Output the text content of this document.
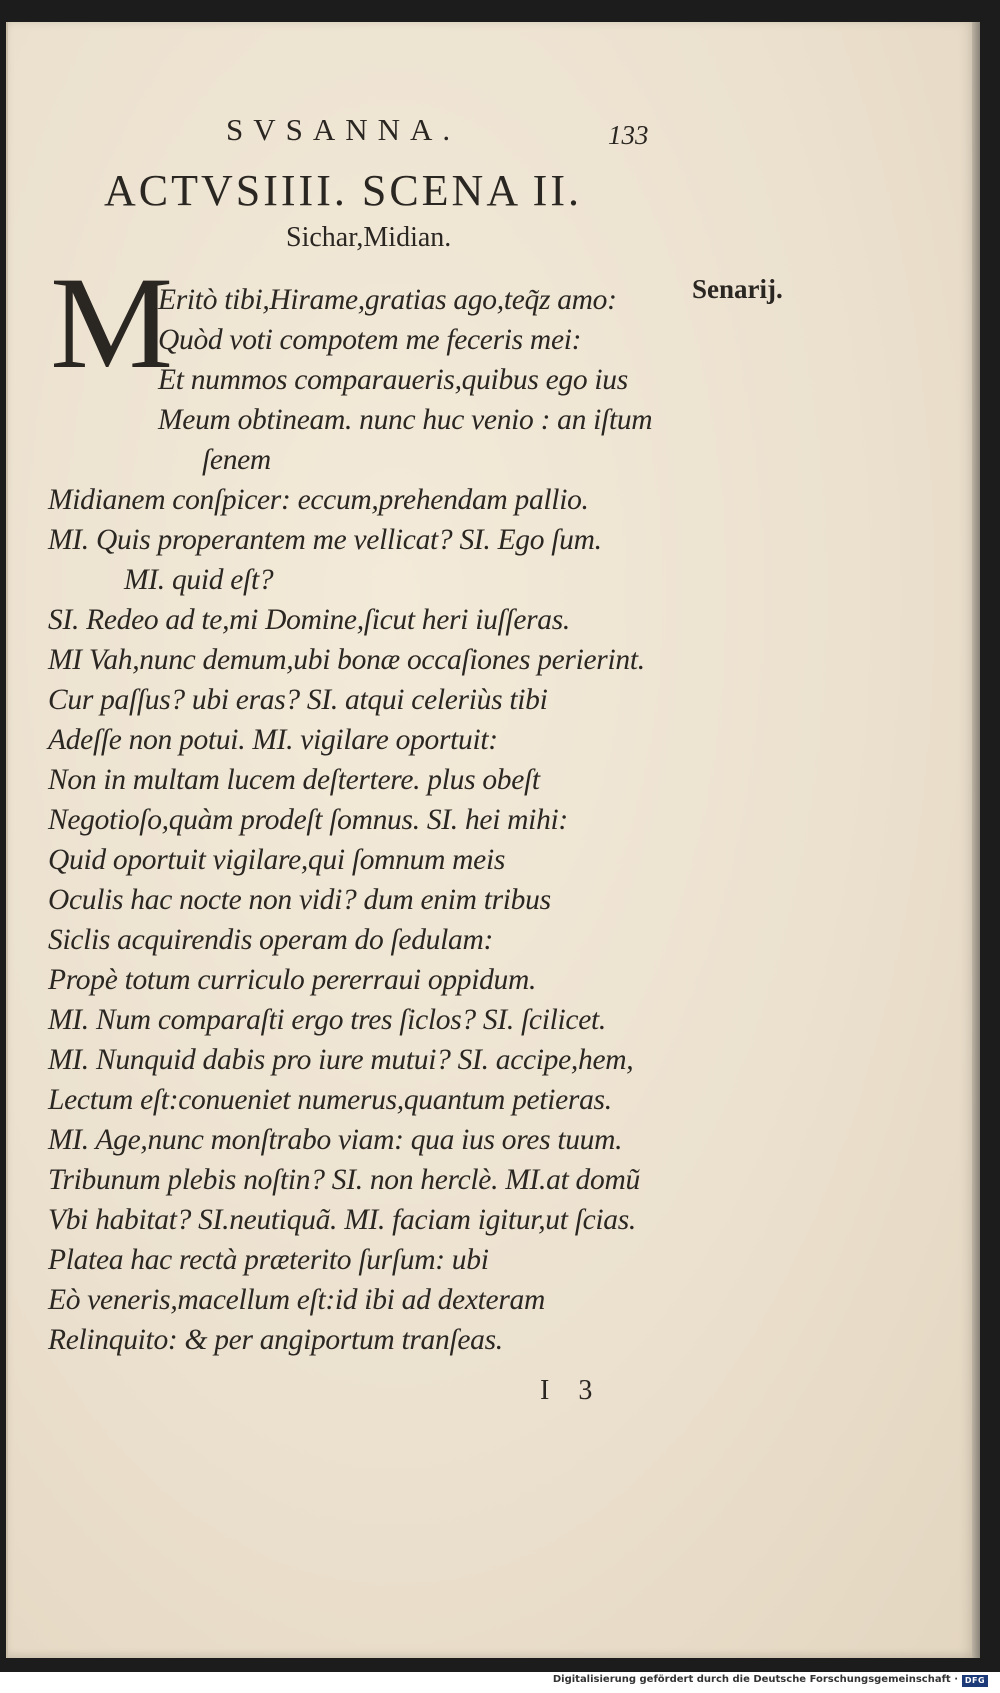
SVSANNA.	133
ACTVSIIII. SCENA II.
Sichar,Midian.
Senarij.
M
Eritò tibi,Hirame,gratias ago,teq̃z amo:
Quòd voti compotem me feceris mei:
Et nummos comparaueris,quibus ego ius
Meum obtineam. nunc huc venio : an iſtum
ſenem
Midianem conſpicer: eccum,prehendam pallio.
MI. Quis properantem me vellicat? SI. Ego ſum.
MI. quid eſt?
SI. Redeo ad te,mi Domine,ſicut heri iuſſeras.
MI Vah,nunc demum,ubi bonæ occaſiones perierint.
Cur paſſus? ubi eras? SI. atqui celeriùs tibi
Adeſſe non potui. MI. vigilare oportuit:
Non in multam lucem deſtertere. plus obeſt
Negotioſo,quàm prodeſt ſomnus. SI. hei mihi:
Quid oportuit vigilare,qui ſomnum meis
Oculis hac nocte non vidi? dum enim tribus
Siclis acquirendis operam do ſedulam:
Propè totum curriculo pererraui oppidum.
MI. Num comparaſti ergo tres ſiclos? SI. ſcilicet.
MI. Nunquid dabis pro iure mutui? SI. accipe,hem,
Lectum eſt:conueniet numerus,quantum petieras.
MI. Age,nunc monſtrabo viam: qua ius ores tuum.
Tribunum plebis noſtin? SI. non herclè. MI.at domũ
Vbi habitat? SI.neutiquã. MI. faciam igitur,ut ſcias.
Platea hac rectà præterito ſurſum: ubi
Eò veneris,macellum eſt:id ibi ad dexteram
Relinquito: & per angiportum tranſeas.
I 3
Digitalisierung gefördert durch die Deutsche Forschungsgemeinschaft · DFG
